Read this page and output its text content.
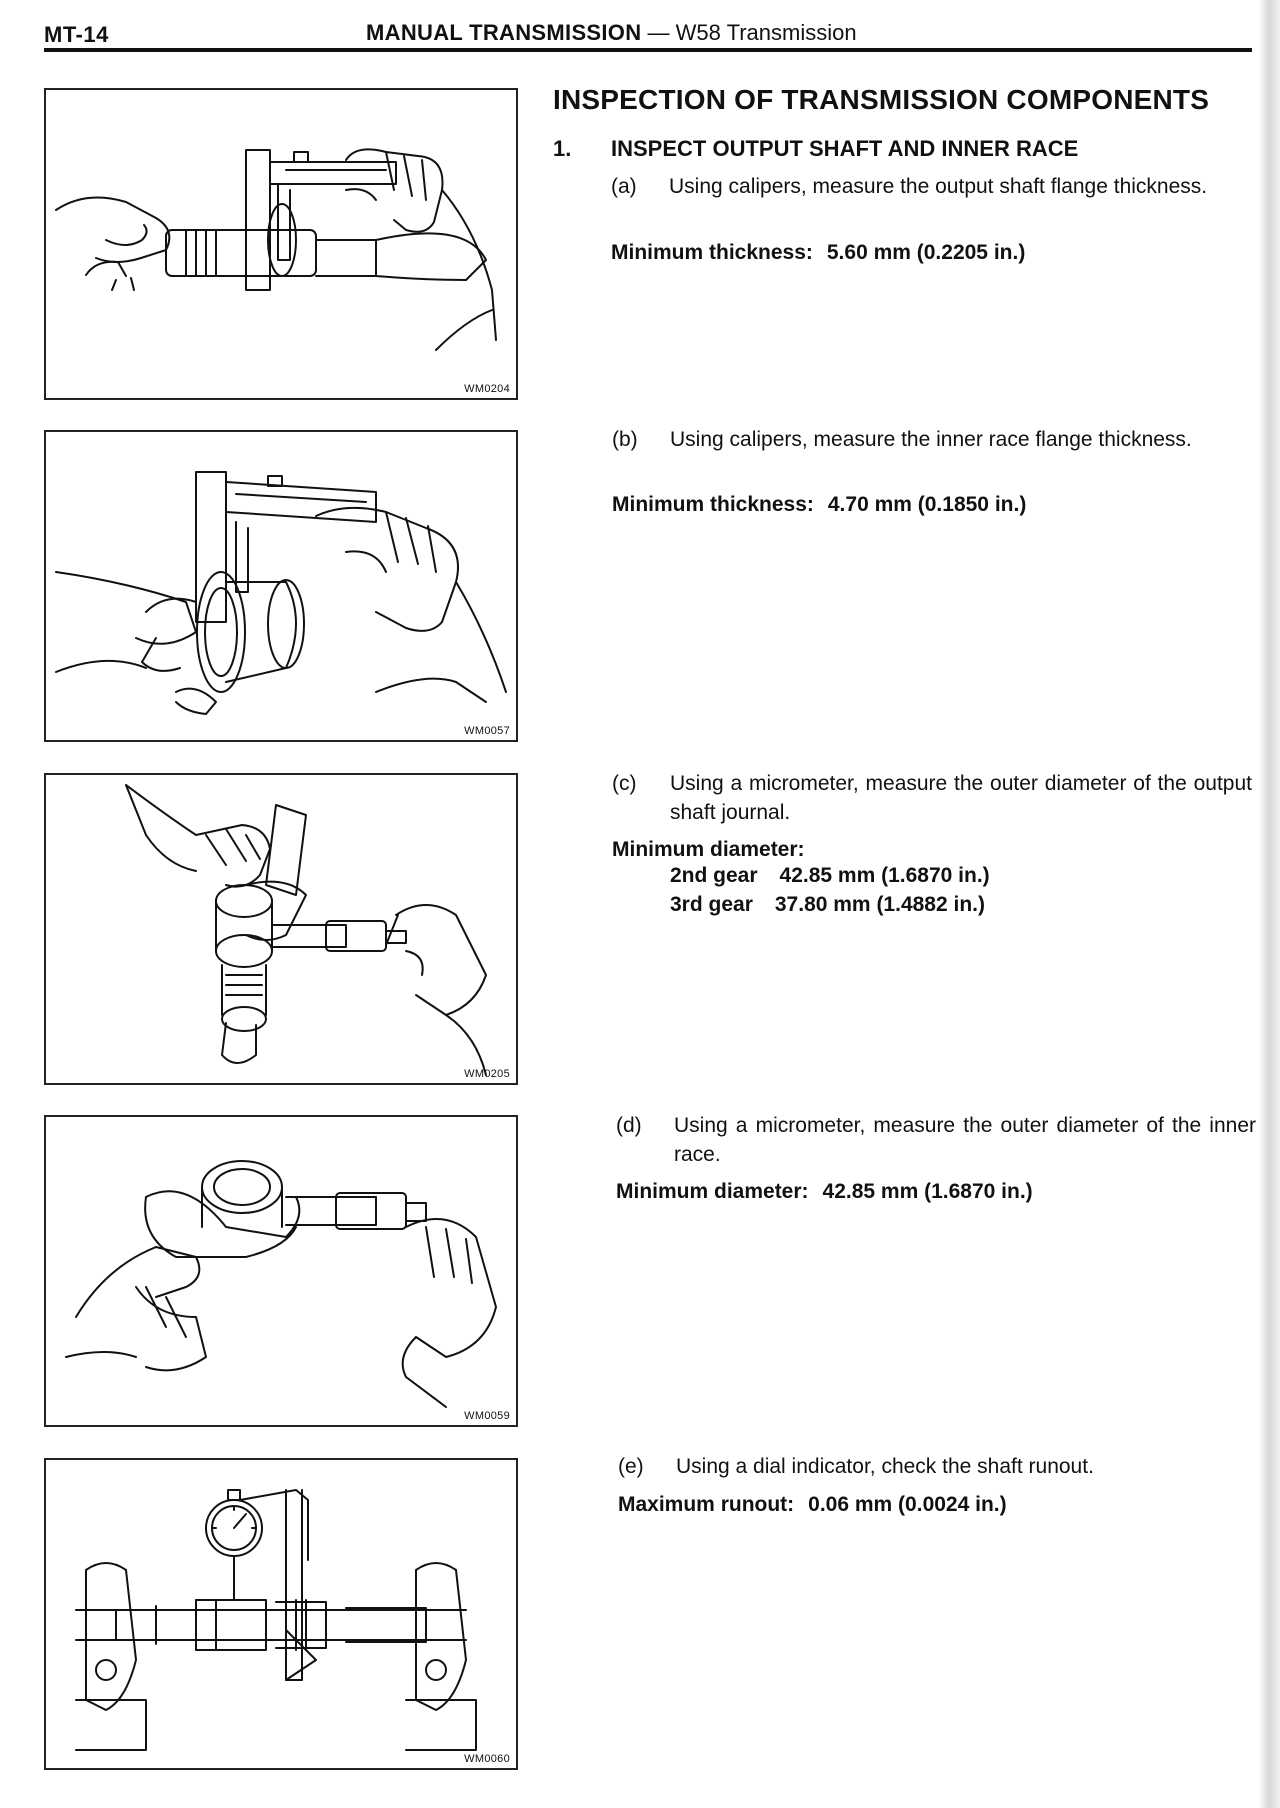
MT-14	MANUAL TRANSMISSION — W58 Transmission
WM0204
WM0057
WM0205
WM0059
WM0060
INSPECTION OF TRANSMISSION COMPONENTS
1. INSPECT OUTPUT SHAFT AND INNER RACE
(a) Using calipers, measure the output shaft flange thickness.
Minimum thickness: 5.60 mm (0.2205 in.)
(b) Using calipers, measure the inner race flange thickness.
Minimum thickness: 4.70 mm (0.1850 in.)
(c) Using a micrometer, measure the outer diameter of the output shaft journal.
Minimum diameter:
2nd gear 42.85 mm (1.6870 in.)
3rd gear 37.80 mm (1.4882 in.)
(d) Using a micrometer, measure the outer diameter of the inner race.
Minimum diameter: 42.85 mm (1.6870 in.)
(e) Using a dial indicator, check the shaft runout.
Maximum runout: 0.06 mm (0.0024 in.)
